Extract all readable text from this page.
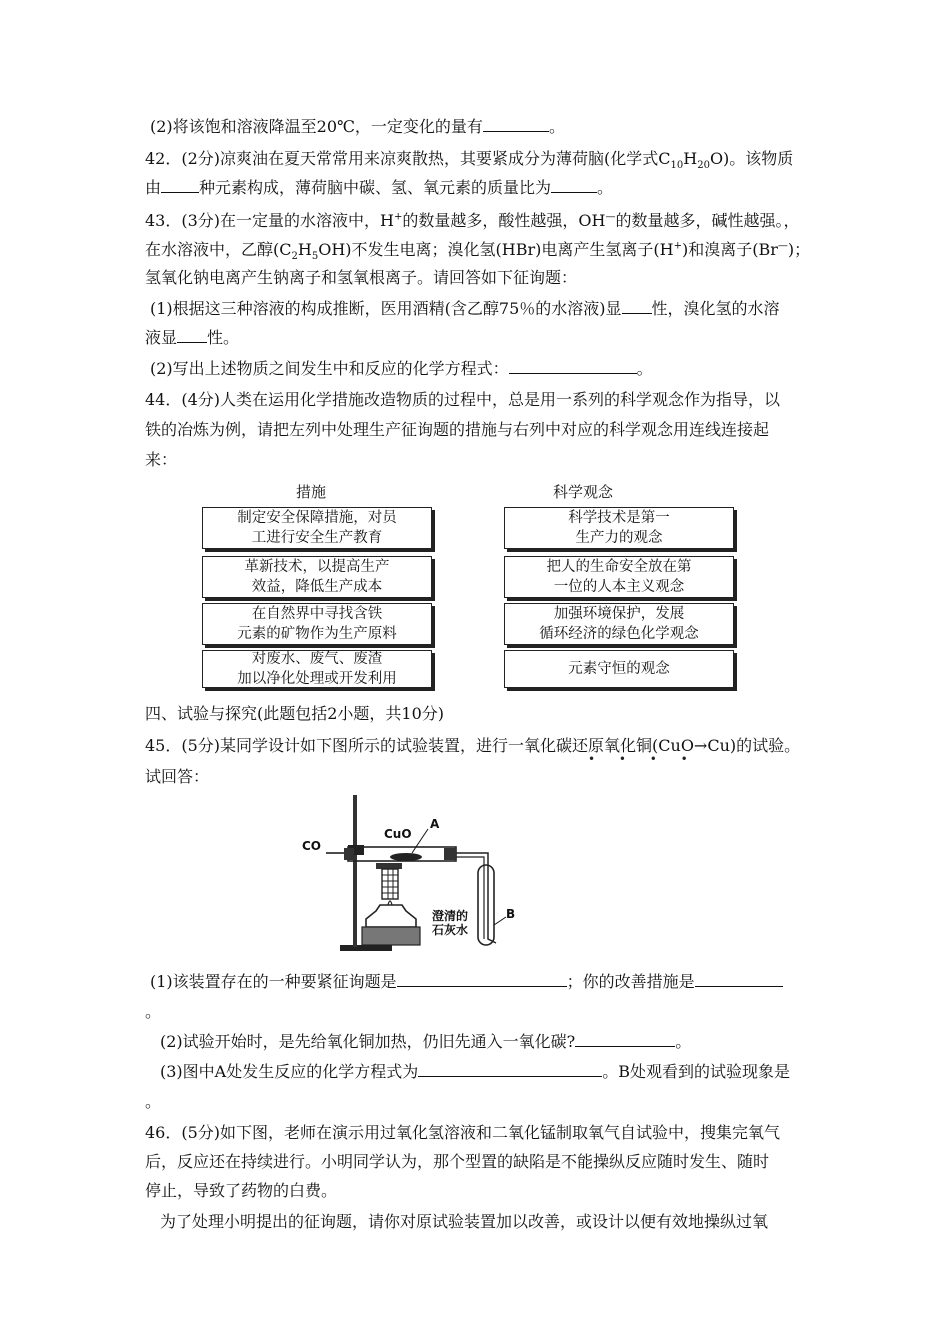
(2)将该饱和溶液降温至20℃，一定变化的量有	。
42．(2分)凉爽油在夏天常常用来凉爽散热，其要紧成分为薄荷脑(化学式$C_{10}H_{20}O$)。该物质
由 种元素构成，薄荷脑中碳、氢、氧元素的质量比为	。
43．(3分)在一定量的水溶液中，H+的数量越多，酸性越强，OH—的数量越多，碱性越强。，
在水溶液中，乙醇$(C_2H_5OH)$不发生电离；溴化氢(HBr)电离产生氢离子(H+)和溴离子(Br—)；
氢氧化钠电离产生钠离子和氢氧根离子。请回答如下征询题：
(1)根据这三种溶液的构成推断，医用酒精(含乙醇75％的水溶液)显 性，溴化氢的水溶
液显 性。
(2)写出上述物质之间发生中和反应的化学方程式：	。
44．(4分)人类在运用化学措施改造物质的过程中，总是用一系列的科学观念作为指导，以
铁的冶炼为例，请把左列中处理生产征询题的措施与右列中对应的科学观念用连线连接起
来：
措施	科学观念
制定安全保障措施，对员
工进行安全生产教育
革新技术，以提高生产
效益，降低生产成本
在自然界中寻找含铁
元素的矿物作为生产原料
对废水、废气、废渣
加以净化处理或开发利用
科学技术是第一
生产力的观念
把人的生命安全放在第
一位的人本主义观念
加强环境保护，发展
循环经济的绿色化学观念
元素守恒的观念
四、试验与探究(此题包括2小题，共10分)
45．(5分)某同学设计如下图所示的试验装置，进行一氧化碳还原氧化铜(CuO→Cu)的试验。
• • • •
试回答：
CO
CuO
A
澄清的
石灰水
B
(1)该装置存在的一种要紧征询题是	；你的改善措施是
。
(2)试验开始时，是先给氧化铜加热，仍旧先通入一氧化碳?	。
(3)图中A处发生反应的化学方程式为	。B处观看到的试验现象是
。
46．(5分)如下图，老师在演示用过氧化氢溶液和二氧化锰制取氧气自试验中，搜集完氧气
后，反应还在持续进行。小明同学认为，那个型置的缺陷是不能操纵反应随时发生、随时
停止，导致了药物的白费。
为了处理小明提出的征询题，请你对原试验装置加以改善，或设计以便有效地操纵过氧
